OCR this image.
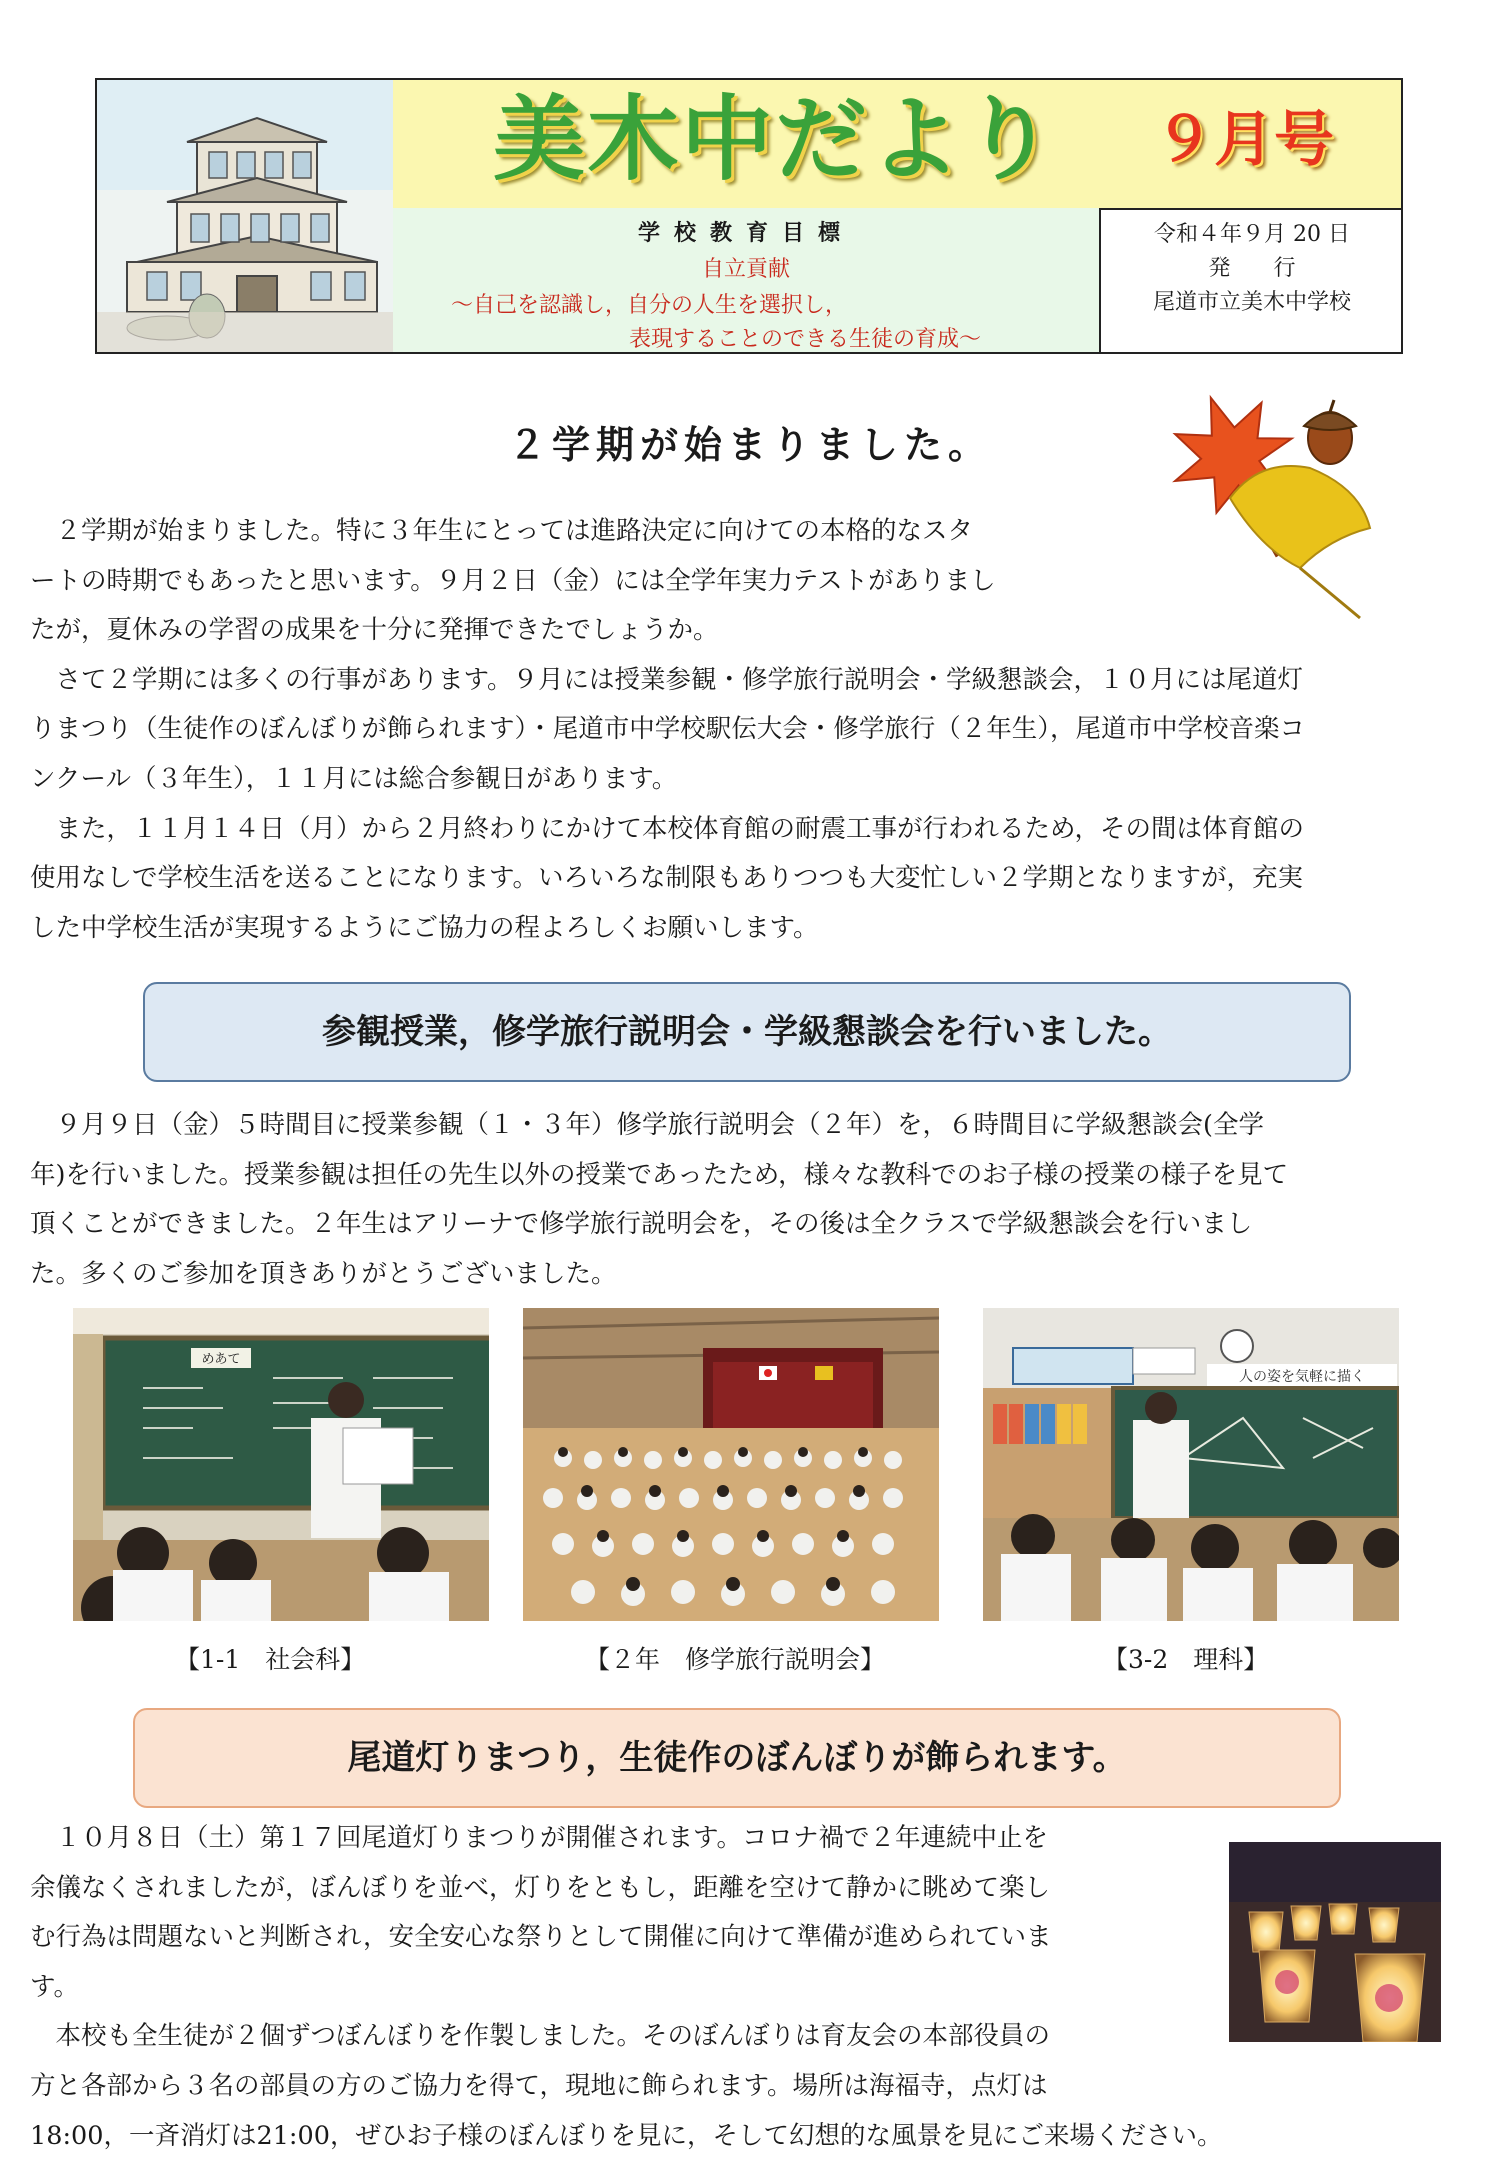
美木中だより ９月号
学校教育目標
自立貢献
～自己を認識し，自分の人生を選択し，
表現することのできる生徒の育成～
令和４年９月 20 日
発 行
尾道市立美木中学校
２学期が始まりました。
　２学期が始まりました。特に３年生にとっては進路決定に向けての本格的なスタ
ートの時期でもあったと思います。９月２日（金）には全学年実力テストがありまし
たが，夏休みの学習の成果を十分に発揮できたでしょうか。
　さて２学期には多くの行事があります。９月には授業参観・修学旅行説明会・学級懇談会，１０月には尾道灯
りまつり（生徒作のぼんぼりが飾られます）・尾道市中学校駅伝大会・修学旅行（２年生），尾道市中学校音楽コ
ンクール（３年生），１１月には総合参観日があります。
　また，１１月１４日（月）から２月終わりにかけて本校体育館の耐震工事が行われるため，その間は体育館の
使用なしで学校生活を送ることになります。いろいろな制限もありつつも大変忙しい２学期となりますが，充実
した中学校生活が実現するようにご協力の程よろしくお願いします。
参観授業，修学旅行説明会・学級懇談会を行いました。
　９月９日（金）５時間目に授業参観（１・３年）修学旅行説明会（２年）を，６時間目に学級懇談会(全学
年)を行いました。授業参観は担任の先生以外の授業であったため，様々な教科でのお子様の授業の様子を見て
頂くことができました。２年生はアリーナで修学旅行説明会を，その後は全クラスで学級懇談会を行いまし
た。多くのご参加を頂きありがとうございました。
めあて
人の姿を気軽に描く
【1-1　社会科】	【２年　修学旅行説明会】	【3-2　理科】
尾道灯りまつり，生徒作のぼんぼりが飾られます。
　１０月８日（土）第１７回尾道灯りまつりが開催されます。コロナ禍で２年連続中止を
余儀なくされましたが，ぼんぼりを並べ，灯りをともし，距離を空けて静かに眺めて楽し
む行為は問題ないと判断され，安全安心な祭りとして開催に向けて準備が進められていま
す。
　本校も全生徒が２個ずつぼんぼりを作製しました。そのぼんぼりは育友会の本部役員の
方と各部から３名の部員の方のご協力を得て，現地に飾られます。場所は海福寺，点灯は
18:00，一斉消灯は21:00，ぜひお子様のぼんぼりを見に，そして幻想的な風景を見にご来場ください。
